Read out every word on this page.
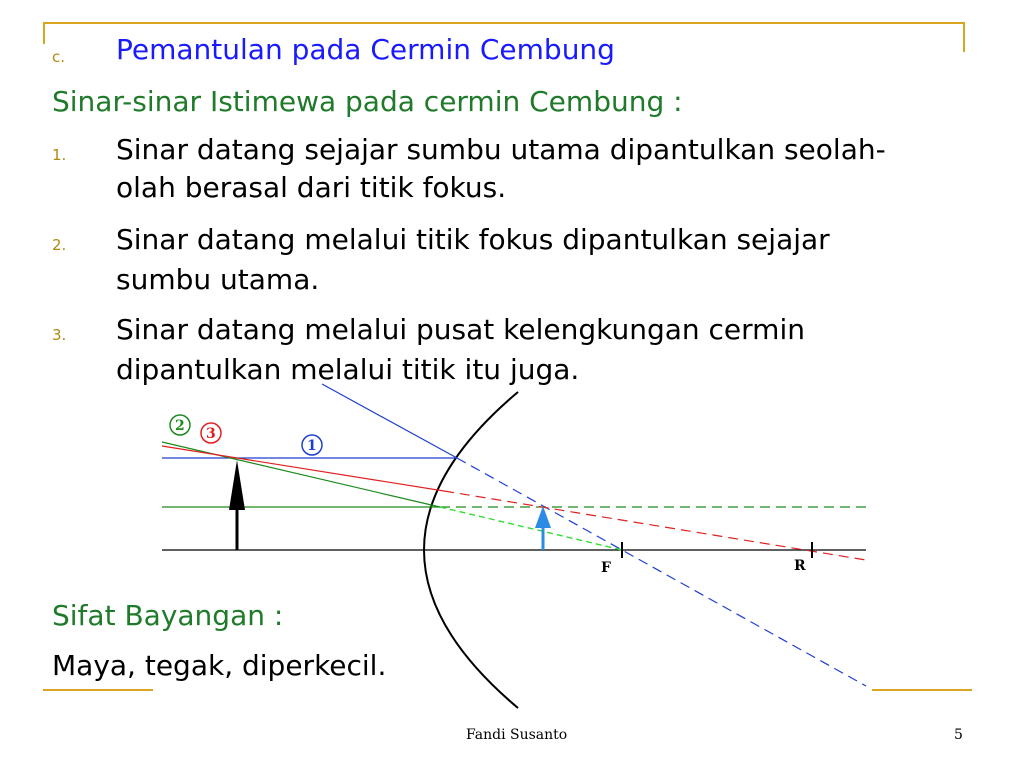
c. Pemantulan pada Cermin Cembung
Sinar-sinar Istimewa pada cermin Cembung :
1. Sinar datang sejajar sumbu utama dipantulkan seolah-
olah berasal dari titik fokus.
2. Sinar datang melalui titik fokus dipantulkan sejajar
sumbu utama.
3. Sinar datang melalui pusat kelengkungan cermin
dipantulkan melalui titik itu juga.
F	R
2 3
1
Sifat Bayangan :
Maya, tegak, diperkecil.
Fandi Susanto	5
